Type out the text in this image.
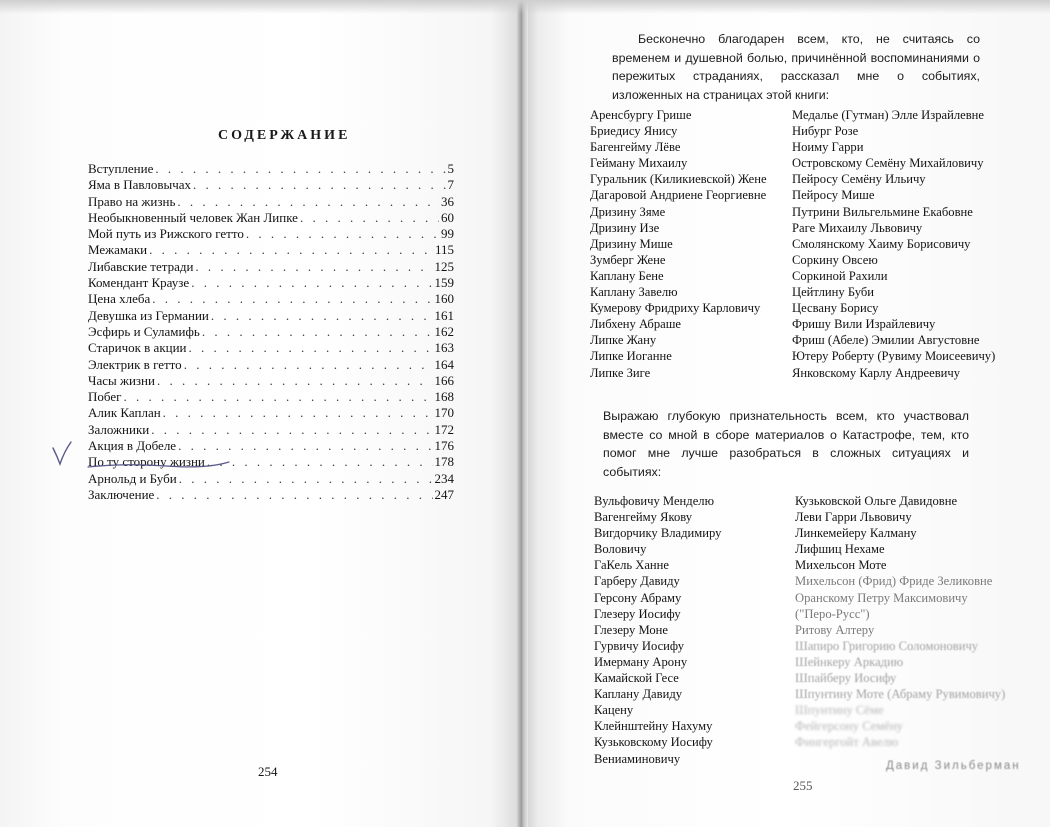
СОДЕРЖАНИЕ
Вступление . . .	5
Яма в Павловычах . . .	7
Право на жизнь . . .	36
Необыкновенный человек Жан Липке . . .	60
Мой путь из Рижского гетто . . .	99
Межамаки . . .	115
Либавские тетради . . .	125
Комендант Краузе . . .	159
Цена хлеба . . .	160
Девушка из Германии . . .	161
Эсфирь и Суламифь . . .	162
Старичок в акции . . .	163
Электрик в гетто . . .	164
Часы жизни . . .	166
Побег . . .	168
Алик Каплан . . .	170
Заложники . . .	172
Акция в Добеле . . .	176
По ту сторону жизни . . .	178
Арнольд и Буби . . .	234
Заключение . . .	247
254
Бесконечно благодарен всем, кто, не считаясь со временем и душевной болью, причинённой воспоминаниями о пережитых страданиях, рассказал мне о событиях, изложенных на страницах этой книги:
Аренсбургу Грише
Бриедису Янису
Багенгейму Лёве
Гейману Михаилу
Гуральник (Киликиевской) Жене
Дагаровой Андриене Георгиевне
Дризину Зяме
Дризину Изе
Дризину Мише
Зумберг Жене
Каплану Бене
Каплану Завелю
Кумерову Фридриху Карловичу
Либхену Абраше
Липке Жану
Липке Иоганне
Липке Зиге
Медалье (Гутман) Элле Израйлевне
Нибург Розе
Ноиму Гарри
Островскому Семёну Михайловичу
Пейросу Семёну Ильичу
Пейросу Мише
Путрини Вильгельмине Екабовне
Раге Михаилу Львовичу
Смолянскому Хаиму Борисовичу
Соркину Овсею
Соркиной Рахили
Цейтлину Буби
Цесвану Борису
Фришу Вили Израйлевичу
Фриш (Абеле) Эмилии Августовне
Ютеру Роберту (Рувиму Моисеевичу)
Янковскому Карлу Андреевичу
Выражаю глубокую признательность всем, кто участвовал вместе со мной в сборе материалов о Катастрофе, тем, кто помог мне лучше разобраться в сложных ситуациях и событиях:
Вульфовичу Менделю
Вагенгейму Якову
Вигдорчику Владимиру
Воловичу
ГаКель Ханне
Гарберу Давиду
Герсону Абраму
Глезеру Иосифу
Глезеру Моне
Гурвичу Иосифу
Имерману Арону
Камайской Гесе
Каплану Давиду
Кацену
Клейнштейну Нахуму
Кузьковскому Иосифу
Вениаминовичу
Кузьковской Ольге Давидовне
Леви Гарри Львовичу
Линкемейеру Калману
Лифшиц Нехаме
Михельсон Моте
Михельсон (Фрид) Фриде Зеликовне
Оранскому Петру Максимовичу
("Перо-Русс")
Ритову Алтеру
Шапиро Григорию Соломоновичу
Шейнкеру Аркадию
Шпайберу Иосифу
Шпунтину Моте (Абраму Рувимовичу)
Шпунтину Сёме
Фейгерсону Семёну
Фингергойт Авелю
Давид Зильберман
255
